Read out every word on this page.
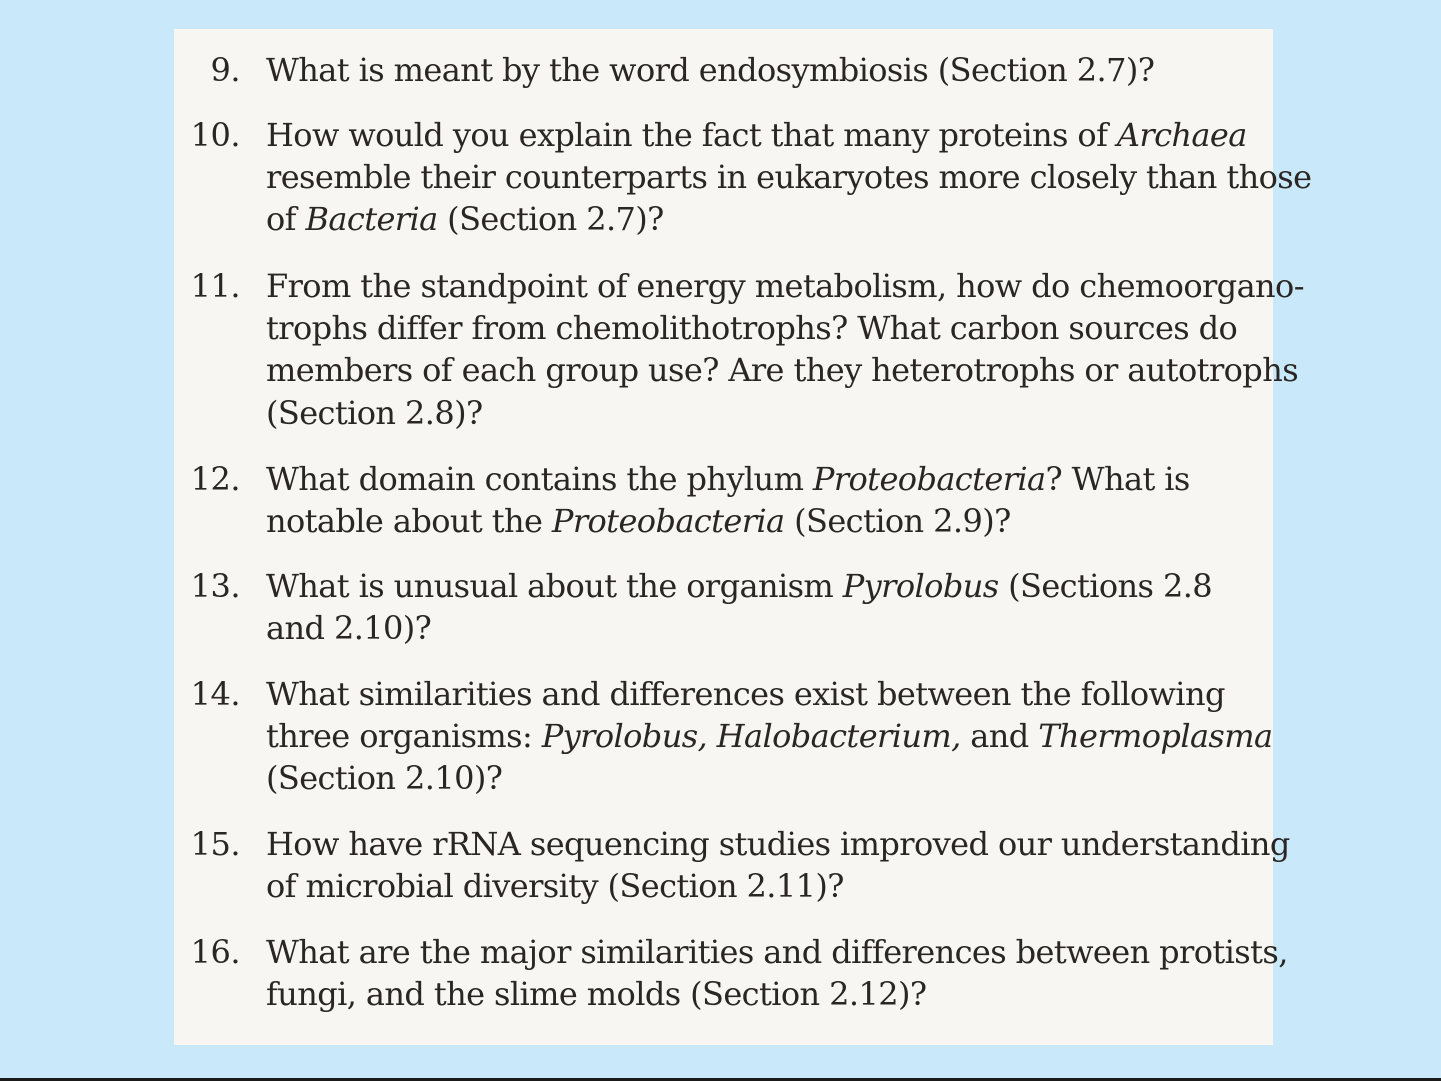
9. What is meant by the word endosymbiosis (Section 2.7)?
10. How would you explain the fact that many proteins of Archaea
resemble their counterparts in eukaryotes more closely than those
of Bacteria (Section 2.7)?
11. From the standpoint of energy metabolism, how do chemoorgano-
trophs differ from chemolithotrophs? What carbon sources do
members of each group use? Are they heterotrophs or autotrophs
(Section 2.8)?
12. What domain contains the phylum Proteobacteria? What is
notable about the Proteobacteria (Section 2.9)?
13. What is unusual about the organism Pyrolobus (Sections 2.8
and 2.10)?
14. What similarities and differences exist between the following
three organisms: Pyrolobus, Halobacterium, and Thermoplasma
(Section 2.10)?
15. How have rRNA sequencing studies improved our understanding
of microbial diversity (Section 2.11)?
16. What are the major similarities and differences between protists,
fungi, and the slime molds (Section 2.12)?
